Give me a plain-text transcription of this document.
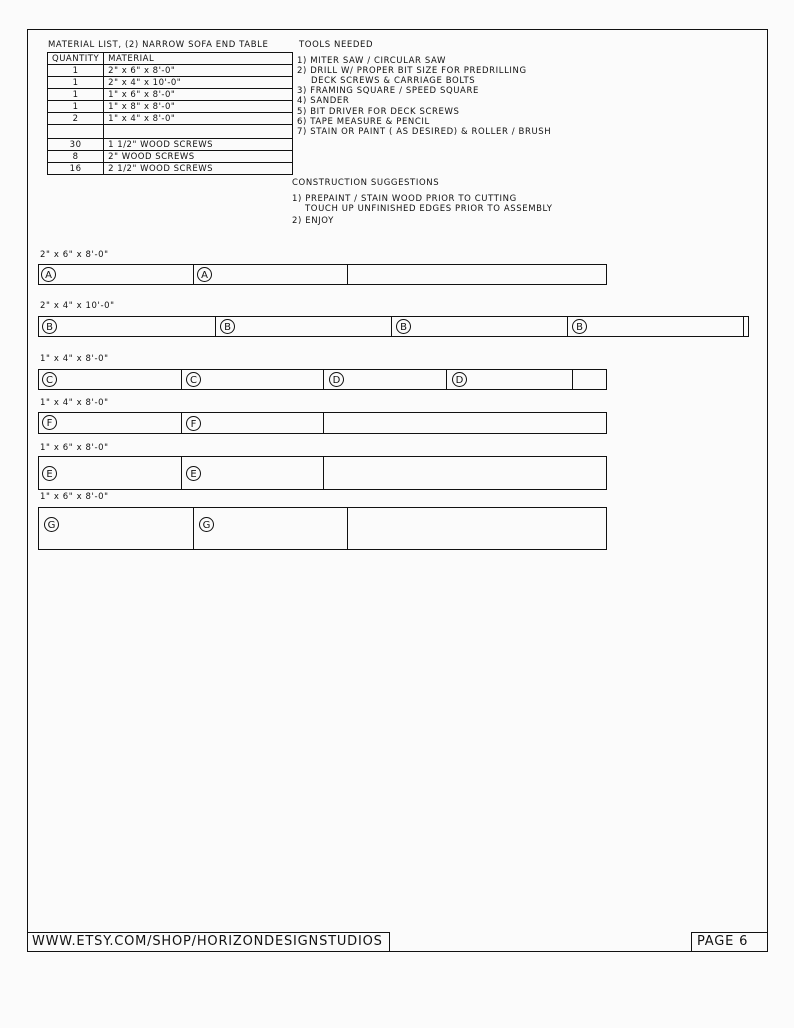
MATERIAL LIST, (2) NARROW SOFA END TABLE
QUANTITY	MATERIAL
1	2" x 6" x 8'-0"
1	2" x 4" x 10'-0"
1	1" x 6" x 8'-0"
1	1" x 8" x 8'-0"
2	1" x 4" x 8'-0"

30	1 1/2" WOOD SCREWS
8	2" WOOD SCREWS
16	2 1/2" WOOD SCREWS
TOOLS NEEDED
1) MITER SAW / CIRCULAR SAW
2) DRILL W/ PROPER BIT SIZE FOR PREDRILLING
DECK SCREWS & CARRIAGE BOLTS
3) FRAMING SQUARE / SPEED SQUARE
4) SANDER
5) BIT DRIVER FOR DECK SCREWS
6) TAPE MEASURE & PENCIL
7) STAIN OR PAINT ( AS DESIRED) & ROLLER / BRUSH
CONSTRUCTION SUGGESTIONS
1) PREPAINT / STAIN WOOD PRIOR TO CUTTING
TOUCH UP UNFINISHED EDGES PRIOR TO ASSEMBLY
2) ENJOY
2" x 6" x 8'-0"
A	A
2" x 4" x 10'-0"
B	B	B	B
1" x 4" x 8'-0"
C	C	D	D
1" x 4" x 8'-0"
F	F
1" x 6" x 8'-0"
E	E
1" x 6" x 8'-0"
G	G
WWW.ETSY.COM/SHOP/HORIZONDESIGNSTUDIOS	PAGE 6
